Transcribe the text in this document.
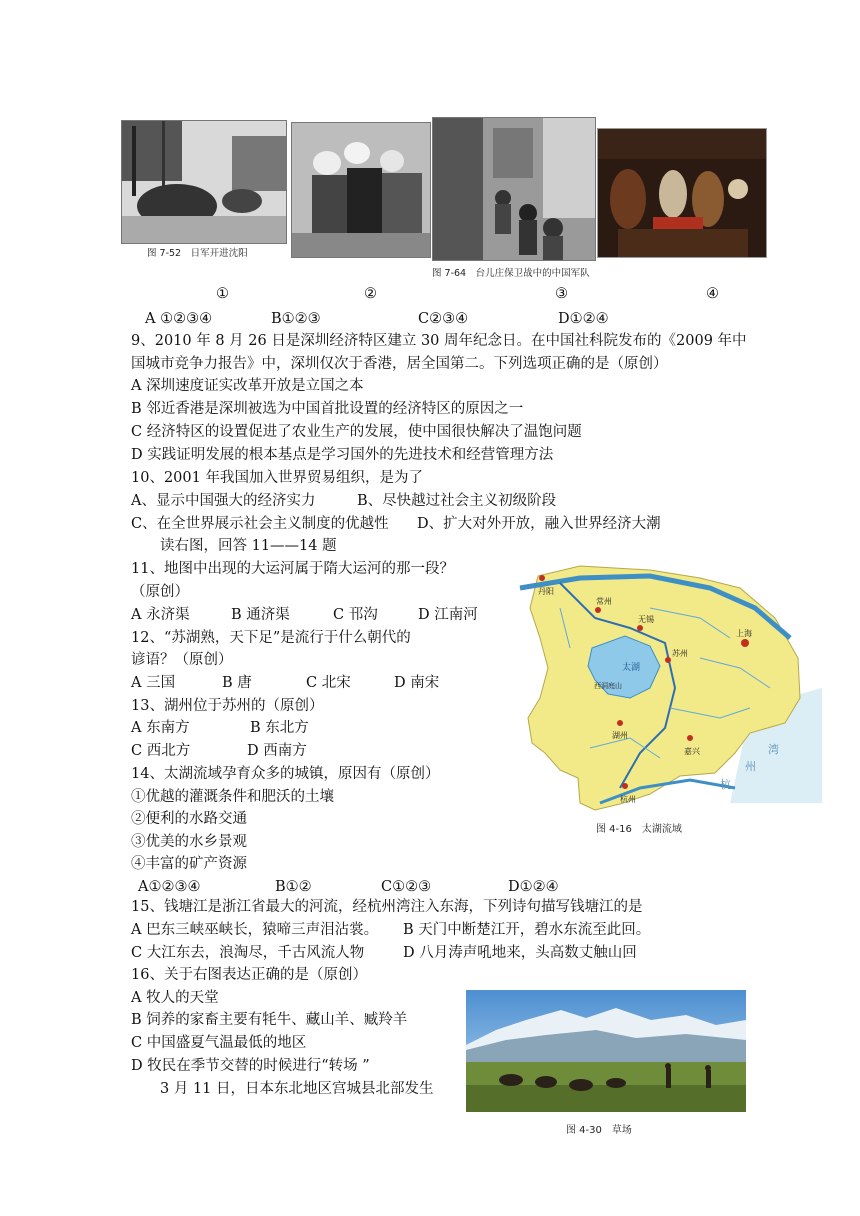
图 7-52　日军开进沈阳
图 7-64　台儿庄保卫战中的中国军队
①	②	③	④
A ①②③④	B①②③	C②③④	D①②④
9、2010 年 8 月 26 日是深圳经济特区建立 30 周年纪念日。在中国社科院发布的《2009 年中
国城市竞争力报告》中，深圳仅次于香港，居全国第二。下列选项正确的是（原创）
A 深圳速度证实改革开放是立国之本
B 邻近香港是深圳被选为中国首批设置的经济特区的原因之一
C 经济特区的设置促进了农业生产的发展，使中国很快解决了温饱问题
D 实践证明发展的根本基点是学习国外的先进技术和经营管理方法
10、2001 年我国加入世界贸易组织，是为了
A、显示中国强大的经济实力	B、尽快越过社会主义初级阶段
C、在全世界展示社会主义制度的优越性 D、扩大对外开放，融入世界经济大潮
读右图，回答 11——14 题
11、地图中出现的大运河属于隋大运河的那一段？
（原创）
A 永济渠	B 通济渠	C 邗沟	D 江南河
12、“苏湖熟，天下足”是流行于什么朝代的
谚语？（原创）
A 三国	B 唐	C 北宋	D 南宋
13、湖州位于苏州的（原创）
A 东南方	B 东北方
C 西北方	D 西南方
14、太湖流域孕育众多的城镇，原因有（原创）
①优越的灌溉条件和肥沃的土壤
②便利的水路交通
③优美的水乡景观
④丰富的矿产资源
A①②③④	B①②	C①②③	D①②④
丹阳
常州
无锡
苏州
上海
太湖
西洞庭山
湖州
嘉兴
杭州
湾
州
杭
图 4-16　太湖流域
15、钱塘江是浙江省最大的河流，经杭州湾注入东海，下列诗句描写钱塘江的是
A 巴东三峡巫峡长，猿啼三声泪沾裳。 B 天门中断楚江开，碧水东流至此回。
C 大江东去，浪淘尽，千古风流人物	D 八月涛声吼地来，头高数丈触山回
16、关于右图表达正确的是（原创）
A 牧人的天堂
B 饲养的家畜主要有牦牛、藏山羊、臧羚羊
C 中国盛夏气温最低的地区
D 牧民在季节交替的时候进行“转场 ”
3 月 11 日，日本东北地区宫城县北部发生
图 4-30　草场
